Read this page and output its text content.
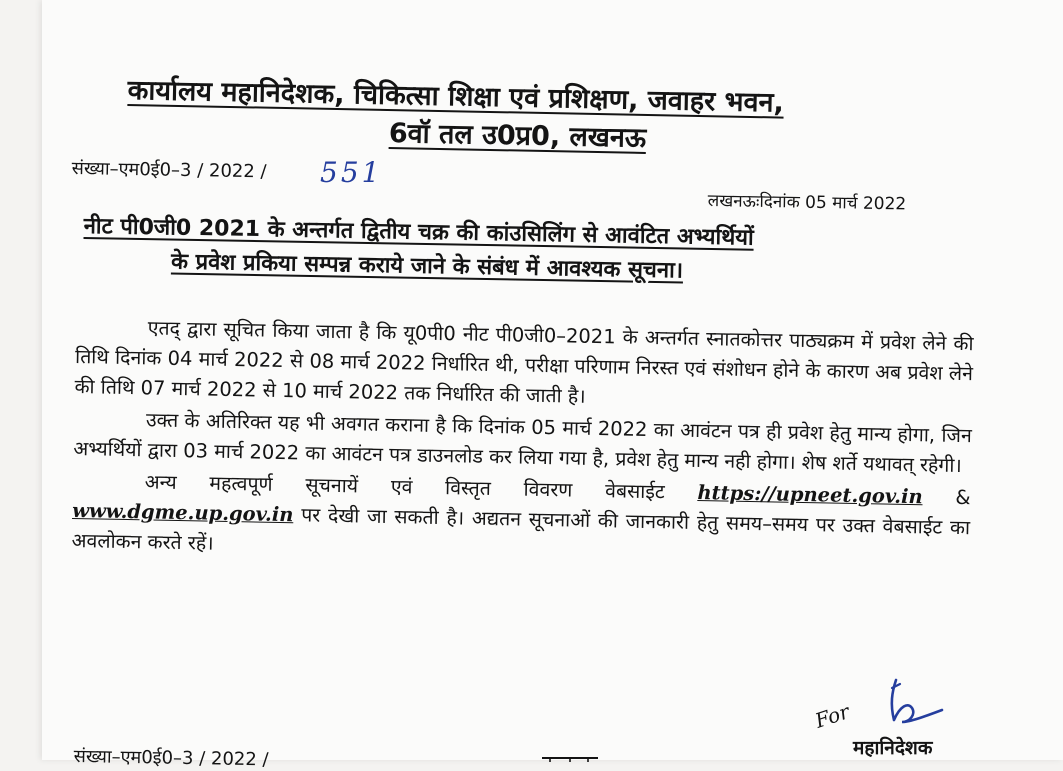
कार्यालय महानिदेशक, चिकित्सा शिक्षा एवं प्रशिक्षण, जवाहर भवन,
6वॉ तल उ0प्र0, लखनऊ
संख्या–एम0ई0–3 / 2022 / 551
लखनऊःदिनांक 05 मार्च 2022
नीट पी0जी0 2021 के अन्तर्गत द्वितीय चक्र की कांउसिलिंग से आवंटित अभ्यर्थियों
के प्रवेश प्रकिया सम्पन्न कराये जाने के संबंध में आवश्यक सूचना।

एतद् द्वारा सूचित किया जाता है कि यू0पी0 नीट पी0जी0–2021 के अन्तर्गत स्नातकोत्तर पाठ्यक्रम में प्रवेश लेने की तिथि दिनांक 04 मार्च 2022 से 08 मार्च 2022 निर्धारित थी, परीक्षा परिणाम निरस्त एवं संशोधन होने के कारण अब प्रवेश लेने की तिथि 07 मार्च 2022 से 10 मार्च 2022 तक निर्धारित की जाती है।

उक्त के अतिरिक्त यह भी अवगत कराना है कि दिनांक 05 मार्च 2022 का आवंटन पत्र ही प्रवेश हेतु मान्य होगा, जिन अभ्यर्थियों द्वारा 03 मार्च 2022 का आवंटन पत्र डाउनलोड कर लिया गया है, प्रवेश हेतु मान्य नही होगा। शेष शर्ते यथावत् रहेगी।

अन्य महत्वपूर्ण सूचनायें एवं विस्तृत विवरण वेबसाईट https://upneet.gov.in & www.dgme.up.gov.in पर देखी जा सकती है। अद्यतन सूचनाओं की जानकारी हेतु समय–समय पर उक्त वेबसाईट का अवलोकन करते रहें।

For
महानिदेशक
संख्या–एम0ई0–3 / 2022 /
